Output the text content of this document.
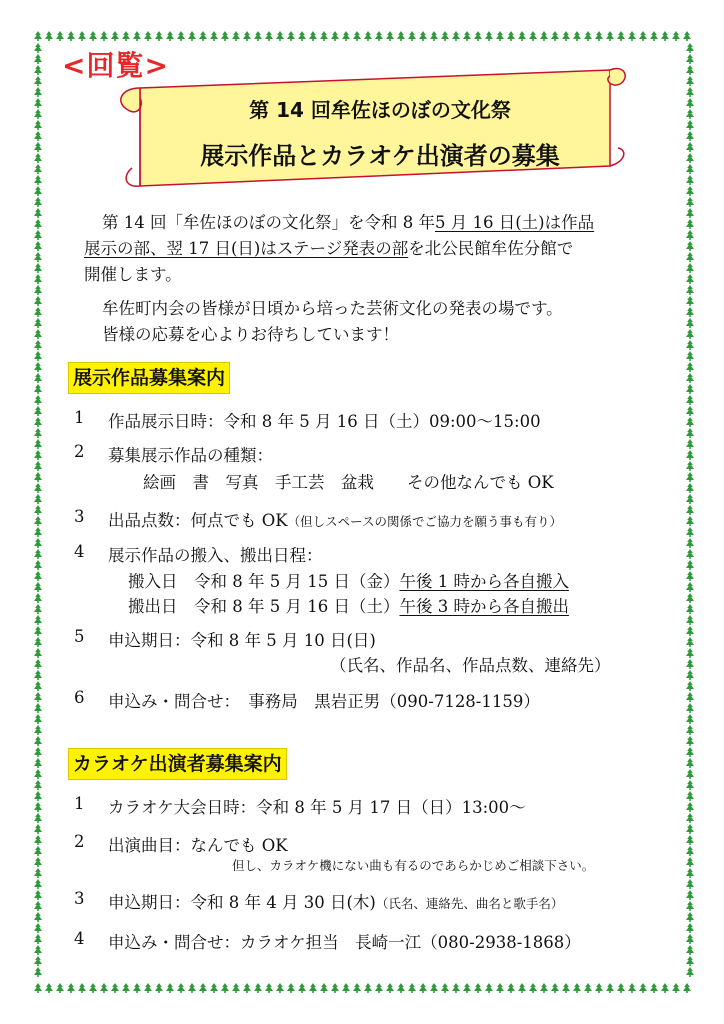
<回覧>
第 14 回牟佐ほのぼの文化祭
展示作品とカラオケ出演者の募集
第 14 回「牟佐ほのぼの文化祭」を令和 8 年5 月 16 日(土)は作品
展示の部、翌 17 日(日)はステージ発表の部を北公民館牟佐分館で
開催します。
牟佐町内会の皆様が日頃から培った芸術文化の発表の場です。
皆様の応募を心よりお待ちしています！
展示作品募集案内
1 作品展示日時：令和 8 年 5 月 16 日（土）09:00～15:00
2 募集展示作品の種類：
絵画　書　写真　手工芸　盆栽　　その他なんでも OK
3 出品点数：何点でも OK（但しスペースの関係でご協力を願う事も有り）
4 展示作品の搬入、搬出日程：
搬入日　令和 8 年 5 月 15 日（金）午後 1 時から各自搬入
搬出日　令和 8 年 5 月 16 日（土）午後 3 時から各自搬出
5 申込期日：令和 8 年 5 月 10 日(日)
（氏名、作品名、作品点数、連絡先）
6 申込み・問合せ：　事務局　黒岩正男（090-7128-1159）
カラオケ出演者募集案内
1 カラオケ大会日時：令和 8 年 5 月 17 日（日）13:00～
2 出演曲目：なんでも OK
但し、カラオケ機にない曲も有るのであらかじめご相談下さい。
3 申込期日：令和 8 年 4 月 30 日(木)（氏名、連絡先、曲名と歌手名）
4 申込み・問合せ：カラオケ担当　長崎一江（080-2938-1868）
